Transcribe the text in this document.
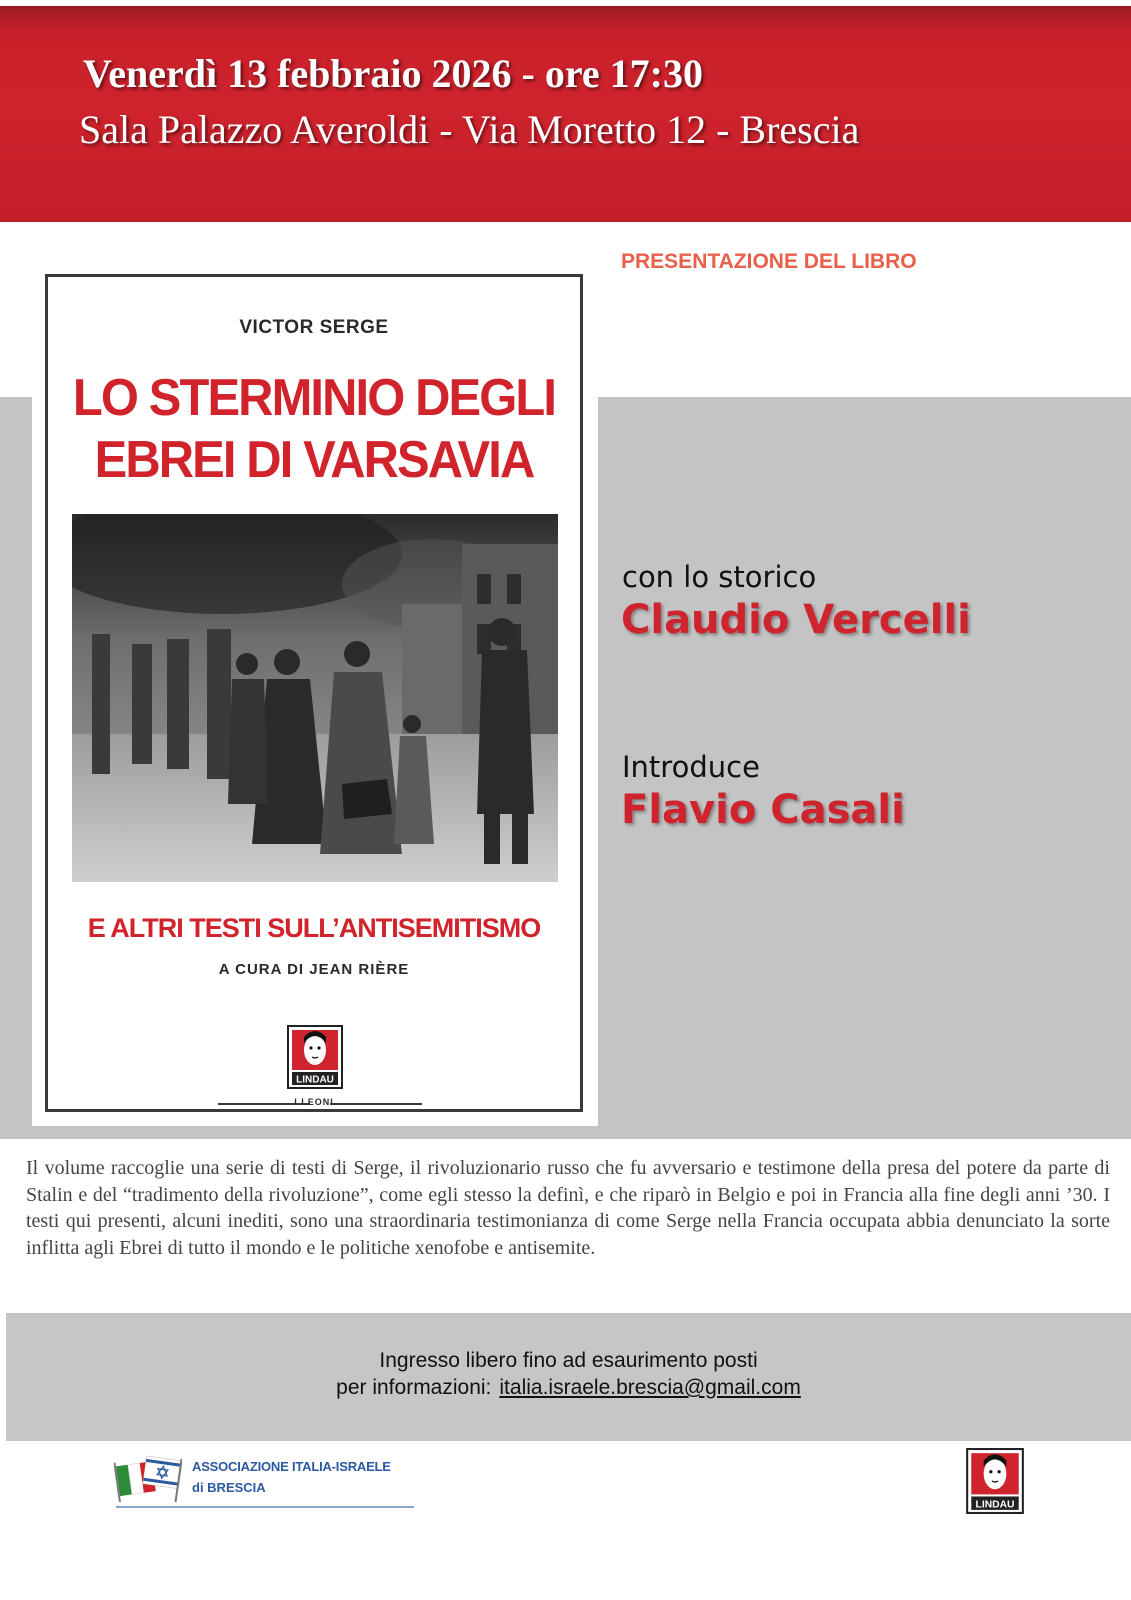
Venerdì 13 febbraio 2026 - ore 17:30
Sala Palazzo Averoldi - Via Moretto 12 - Brescia
PRESENTAZIONE DEL LIBRO
VICTOR SERGE
LO STERMINIO DEGLI
EBREI DI VARSAVIA
E ALTRI TESTI SULL’ANTISEMITISMO
A CURA DI JEAN RIÈRE
LINDAU
I LEONI
con lo storico
Claudio Vercelli
Introduce
Flavio Casali
Il volume raccoglie una serie di testi di Serge, il rivoluzionario russo che fu avversario e testimone della presa del potere da parte di Stalin e del “tradimento della rivoluzione”, come egli stesso la definì, e che riparò in Belgio e poi in Francia alla fine degli anni ’30. I testi qui presenti, alcuni inediti, sono una straordinaria testimonianza di come Serge nella Francia occupata abbia denunciato la sorte inflitta agli Ebrei di tutto il mondo e le politiche xenofobe e antisemite.
Ingresso libero fino ad esaurimento posti
per informazioni: italia.israele.brescia@gmail.com
ASSOCIAZIONE ITALIA-ISRAELE
di BRESCIA
LINDAU
